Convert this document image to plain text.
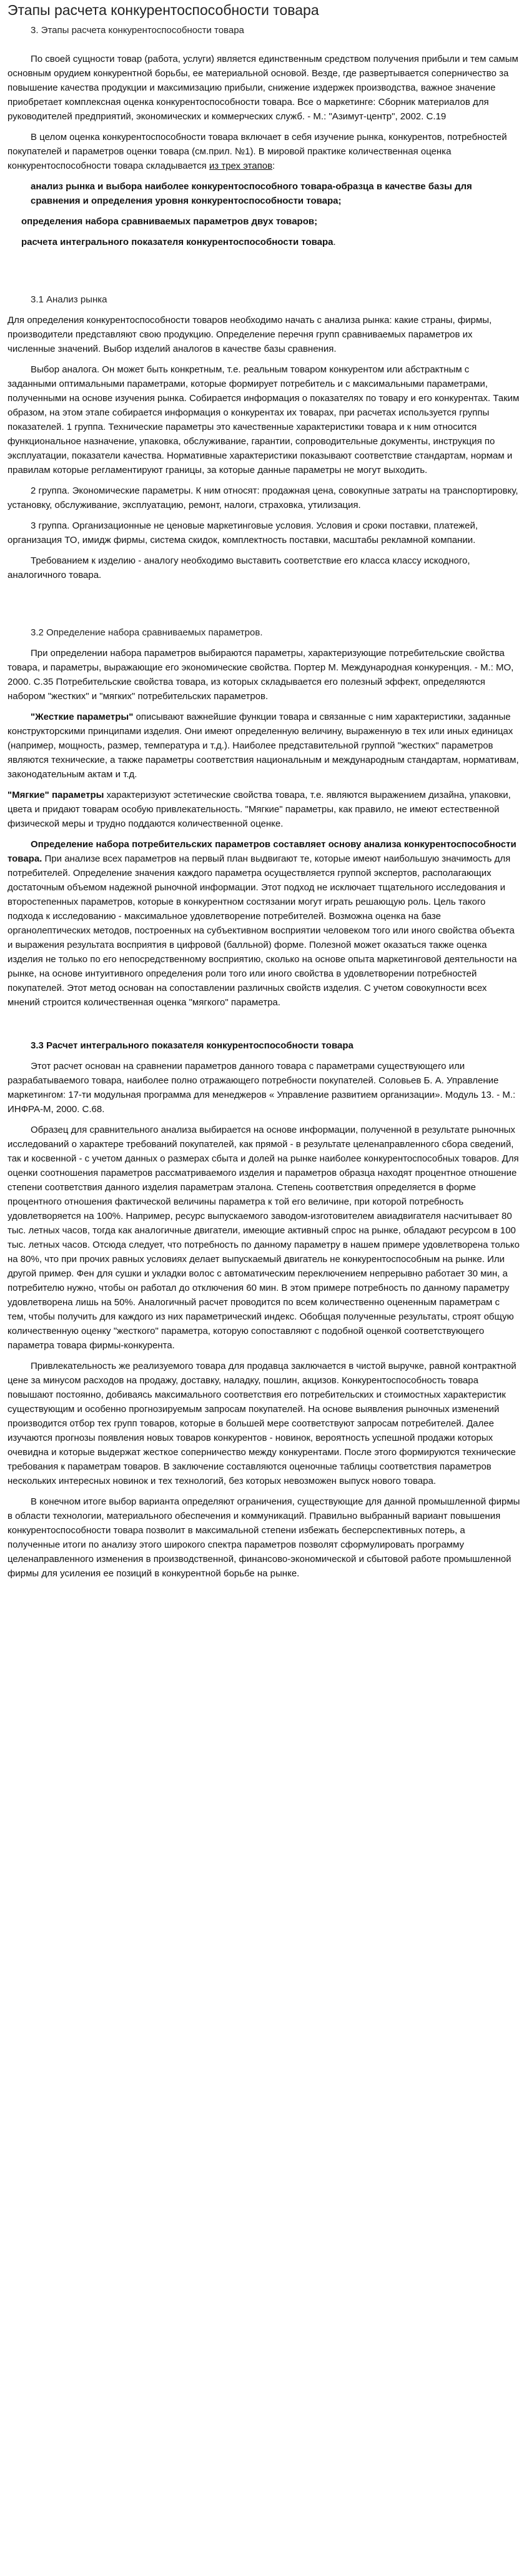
Этапы расчета конкурентоспособности товара

3. Этапы расчета конкурентоспособности товара

По своей сущности товар (работа, услуги) является единственным средством получения прибыли и тем самым основным орудием конкурентной борьбы, ее материальной основой. Везде, где развертывается соперничество за повышение качества продукции и максимизацию прибыли, снижение издержек производства, важное значение приобретает комплексная оценка конкурентоспособности товара. Все о маркетинге: Сборник материалов для руководителей предприятий, экономических и коммерческих служб. - М.: "Азимут-центр", 2002. С.19

В целом оценка конкурентоспособности товара включает в себя изучение рынка, конкурентов, потребностей покупателей и параметров оценки товара (см.прил. №1). В мировой практике количественная оценка конкурентоспособности товара складывается из трех этапов:

анализ рынка и выбора наиболее конкурентоспособного товара-образца в качестве базы для сравнения и определения уровня конкурентоспособности товара;

определения набора сравниваемых параметров двух товаров;

расчета интегрального показателя конкурентоспособности товара.

3.1 Анализ рынка

Для определения конкурентоспособности товаров необходимо начать с анализа рынка: какие страны, фирмы, производители представляют свою продукцию. Определение перечня групп сравниваемых параметров их численные значений. Выбор изделий аналогов в качестве базы сравнения.

Выбор аналога. Он может быть конкретным, т.е. реальным товаром конкурентом или абстрактным с заданными оптимальными параметрами, которые формирует потребитель и с максимальными параметрами, полученными на основе изучения рынка. Собирается информация о показателях по товару и его конкурентах. Таким образом, на этом этапе собирается информация о конкурентах их товарах, при расчетах используется группы показателей. 1 группа. Технические параметры это качественные характеристики товара и к ним относится функциональное назначение, упаковка, обслуживание, гарантии, сопроводительные документы, инструкция по эксплуатации, показатели качества. Нормативные характеристики показывают соответствие стандартам, нормам и правилам которые регламентируют границы, за которые данные параметры не могут выходить.

2 группа. Экономические параметры. К ним относят: продажная цена, совокупные затраты на транспортировку, установку, обслуживание, эксплуатацию, ремонт, налоги, страховка, утилизация.

3 группа. Организационные не ценовые маркетинговые условия. Условия и сроки поставки, платежей, организация ТО, имидж фирмы, система скидок, комплектность поставки, масштабы рекламной компании.

Требованием к изделию - аналогу необходимо выставить соответствие его класса классу искодного, аналогичного товара.

3.2 Определение набора сравниваемых параметров.

При определении набора параметров выбираются параметры, характеризующие потребительские свойства товара, и параметры, выражающие его экономические свойства. Портер М. Международная конкуренция. - М.: МО, 2000. С.35 Потребительские свойства товара, из которых складывается его полезный эффект, определяются набором "жестких" и "мягких" потребительских параметров.

"Жесткие параметры" описывают важнейшие функции товара и связанные с ним характеристики, заданные конструкторскими принципами изделия. Они имеют определенную величину, выраженную в тех или иных единицах (например, мощность, размер, температура и т.д.). Наиболее представительной группой "жестких" параметров являются технические, а также параметры соответствия национальным и международным стандартам, нормативам, законодательным актам и т.д.

"Мягкие" параметры характеризуют эстетические свойства товара, т.е. являются выражением дизайна, упаковки, цвета и придают товарам особую привлекательность. "Мягкие" параметры, как правило, не имеют естественной физической меры и трудно поддаются количественной оценке.

Определение набора потребительских параметров составляет основу анализа конкурентоспособности товара. При анализе всех параметров на первый план выдвигают те, которые имеют наибольшую значимость для потребителей. Определение значения каждого параметра осуществляется группой экспертов, располагающих достаточным объемом надежной рыночной информации. Этот подход не исключает тщательного исследования и второстепенных параметров, которые в конкурентном состязании могут играть решающую роль. Цель такого подхода к исследованию - максимальное удовлетворение потребителей. Возможна оценка на базе органолептических методов, построенных на субъективном восприятии человеком того или иного свойства объекта и выражения результата восприятия в цифровой (балльной) форме. Полезной может оказаться также оценка изделия не только по его непосредственному восприятию, сколько на основе опыта маркетинговой деятельности на рынке, на основе интуитивного определения роли того или иного свойства в удовлетворении потребностей покупателей. Этот метод основан на сопоставлении различных свойств изделия. С учетом совокупности всех мнений строится количественная оценка "мягкого" параметра.

3.3 Расчет интегрального показателя конкурентоспособности товара

Этот расчет основан на сравнении параметров данного товара с параметрами существующего или разрабатываемого товара, наиболее полно отражающего потребности покупателей. Соловьев Б. А. Управление маркетингом: 17-ти модульная программа для менеджеров « Управление развитием организации». Модуль 13. - М.: ИНФРА-М, 2000. С.68.

Образец для сравнительного анализа выбирается на основе информации, полученной в результате рыночных исследований о характере требований покупателей, как прямой - в результате целенаправленного сбора сведений, так и косвенной - с учетом данных о размерах сбыта и долей на рынке наиболее конкурентоспособных товаров. Для оценки соотношения параметров рассматриваемого изделия и параметров образца находят процентное отношение степени соответствия данного изделия параметрам эталона. Степень соответствия определяется в форме процентного отношения фактической величины параметра к той его величине, при которой потребность удовлетворяется на 100%. Например, ресурс выпускаемого заводом-изготовителем авиадвигателя насчитывает 80 тыс. летных часов, тогда как аналогичные двигатели, имеющие активный спрос на рынке, обладают ресурсом в 100 тыс. летных часов. Отсюда следует, что потребность по данному параметру в нашем примере удовлетворена только на 80%, что при прочих равных условиях делает выпускаемый двигатель не конкурентоспособным на рынке. Или другой пример. Фен для сушки и укладки волос с автоматическим переключением непрерывно работает 30 мин, а потребителю нужно, чтобы он работал до отключения 60 мин. В этом примере потребность по данному параметру удовлетворена лишь на 50%. Аналогичный расчет проводится по всем количественно оцененным параметрам с тем, чтобы получить для каждого из них параметрический индекс. Обобщая полученные результаты, строят общую количественную оценку "жесткого" параметра, которую сопоставляют с подобной оценкой соответствующего параметра товара фирмы-конкурента.

Привлекательность же реализуемого товара для продавца заключается в чистой выручке, равной контрактной цене за минусом расходов на продажу, доставку, наладку, пошлин, акцизов. Конкурентоспособность товара повышают постоянно, добиваясь максимального соответствия его потребительских и стоимостных характеристик существующим и особенно прогнозируемым запросам покупателей. На основе выявления рыночных изменений производится отбор тех групп товаров, которые в большей мере соответствуют запросам потребителей. Далее изучаются прогнозы появления новых товаров конкурентов - новинок, вероятность успешной продажи которых очевидна и которые выдержат жесткое соперничество между конкурентами. После этого формируются технические требования к параметрам товаров. В заключение составляются оценочные таблицы соответствия параметров нескольких интересных новинок и тех технологий, без которых невозможен выпуск нового товара.

В конечном итоге выбор варианта определяют ограничения, существующие для данной промышленной фирмы в области технологии, материального обеспечения и коммуникаций. Правильно выбранный вариант повышения конкурентоспособности товара позволит в максимальной степени избежать бесперспективных потерь, а полученные итоги по анализу этого широкого спектра параметров позволят сформулировать программу целенаправленного изменения в производственной, финансово-экономической и сбытовой работе промышленной фирмы для усиления ее позиций в конкурентной борьбе на рынке.
